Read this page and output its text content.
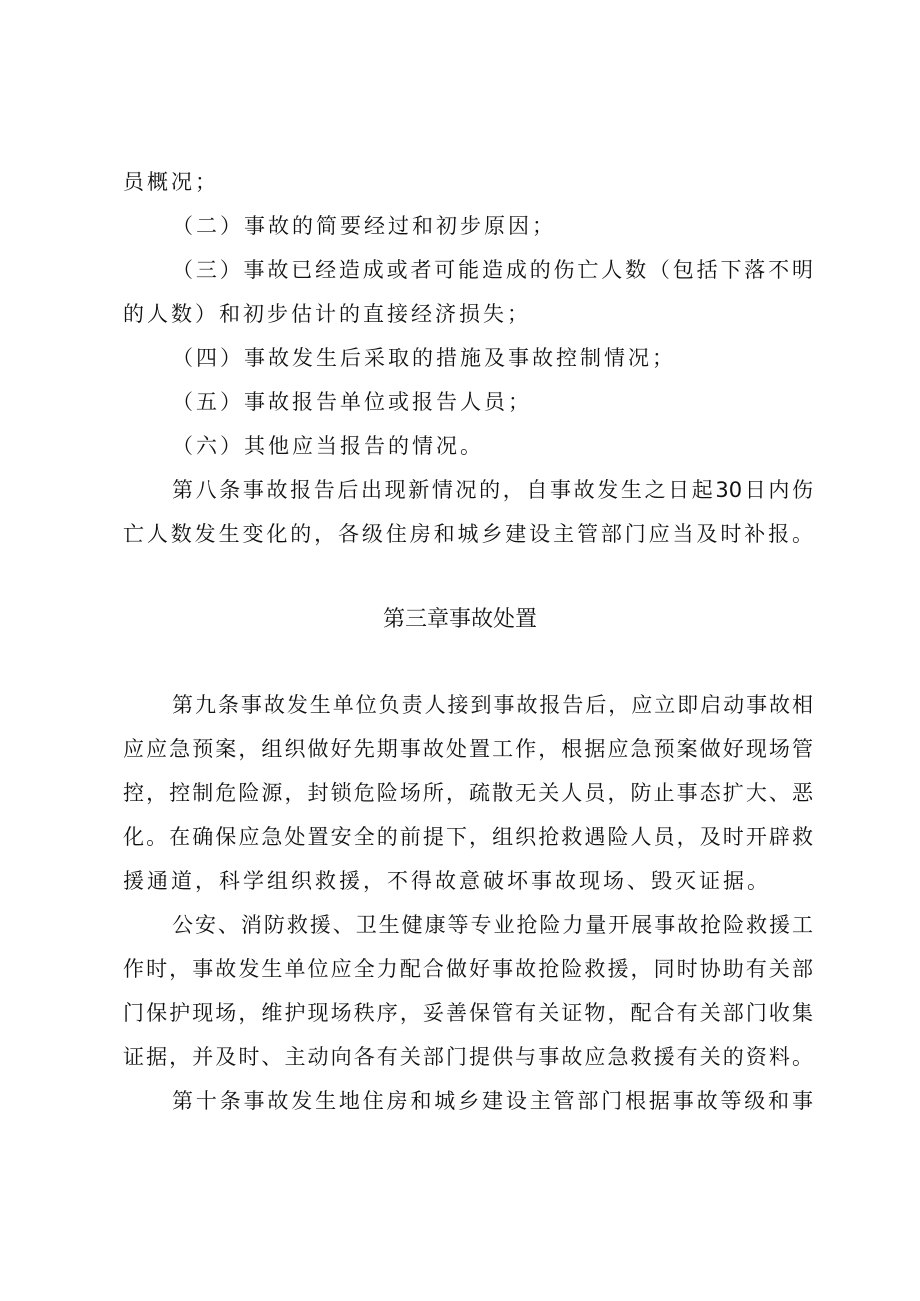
员概况；
（二）事故的简要经过和初步原因；
（三）事故已经造成或者可能造成的伤亡人数（包括下落不明
的人数）和初步估计的直接经济损失；
（四）事故发生后采取的措施及事故控制情况；
（五）事故报告单位或报告人员；
（六）其他应当报告的情况。
第八条事故报告后出现新情况的，自事故发生之日起30日内伤
亡人数发生变化的，各级住房和城乡建设主管部门应当及时补报。
第三章事故处置
第九条事故发生单位负责人接到事故报告后，应立即启动事故相
应应急预案，组织做好先期事故处置工作，根据应急预案做好现场管
控，控制危险源，封锁危险场所，疏散无关人员，防止事态扩大、恶
化。在确保应急处置安全的前提下，组织抢救遇险人员，及时开辟救
援通道，科学组织救援，不得故意破坏事故现场、毁灭证据。
公安、消防救援、卫生健康等专业抢险力量开展事故抢险救援工
作时，事故发生单位应全力配合做好事故抢险救援，同时协助有关部
门保护现场，维护现场秩序，妥善保管有关证物，配合有关部门收集
证据，并及时、主动向各有关部门提供与事故应急救援有关的资料。
第十条事故发生地住房和城乡建设主管部门根据事故等级和事
